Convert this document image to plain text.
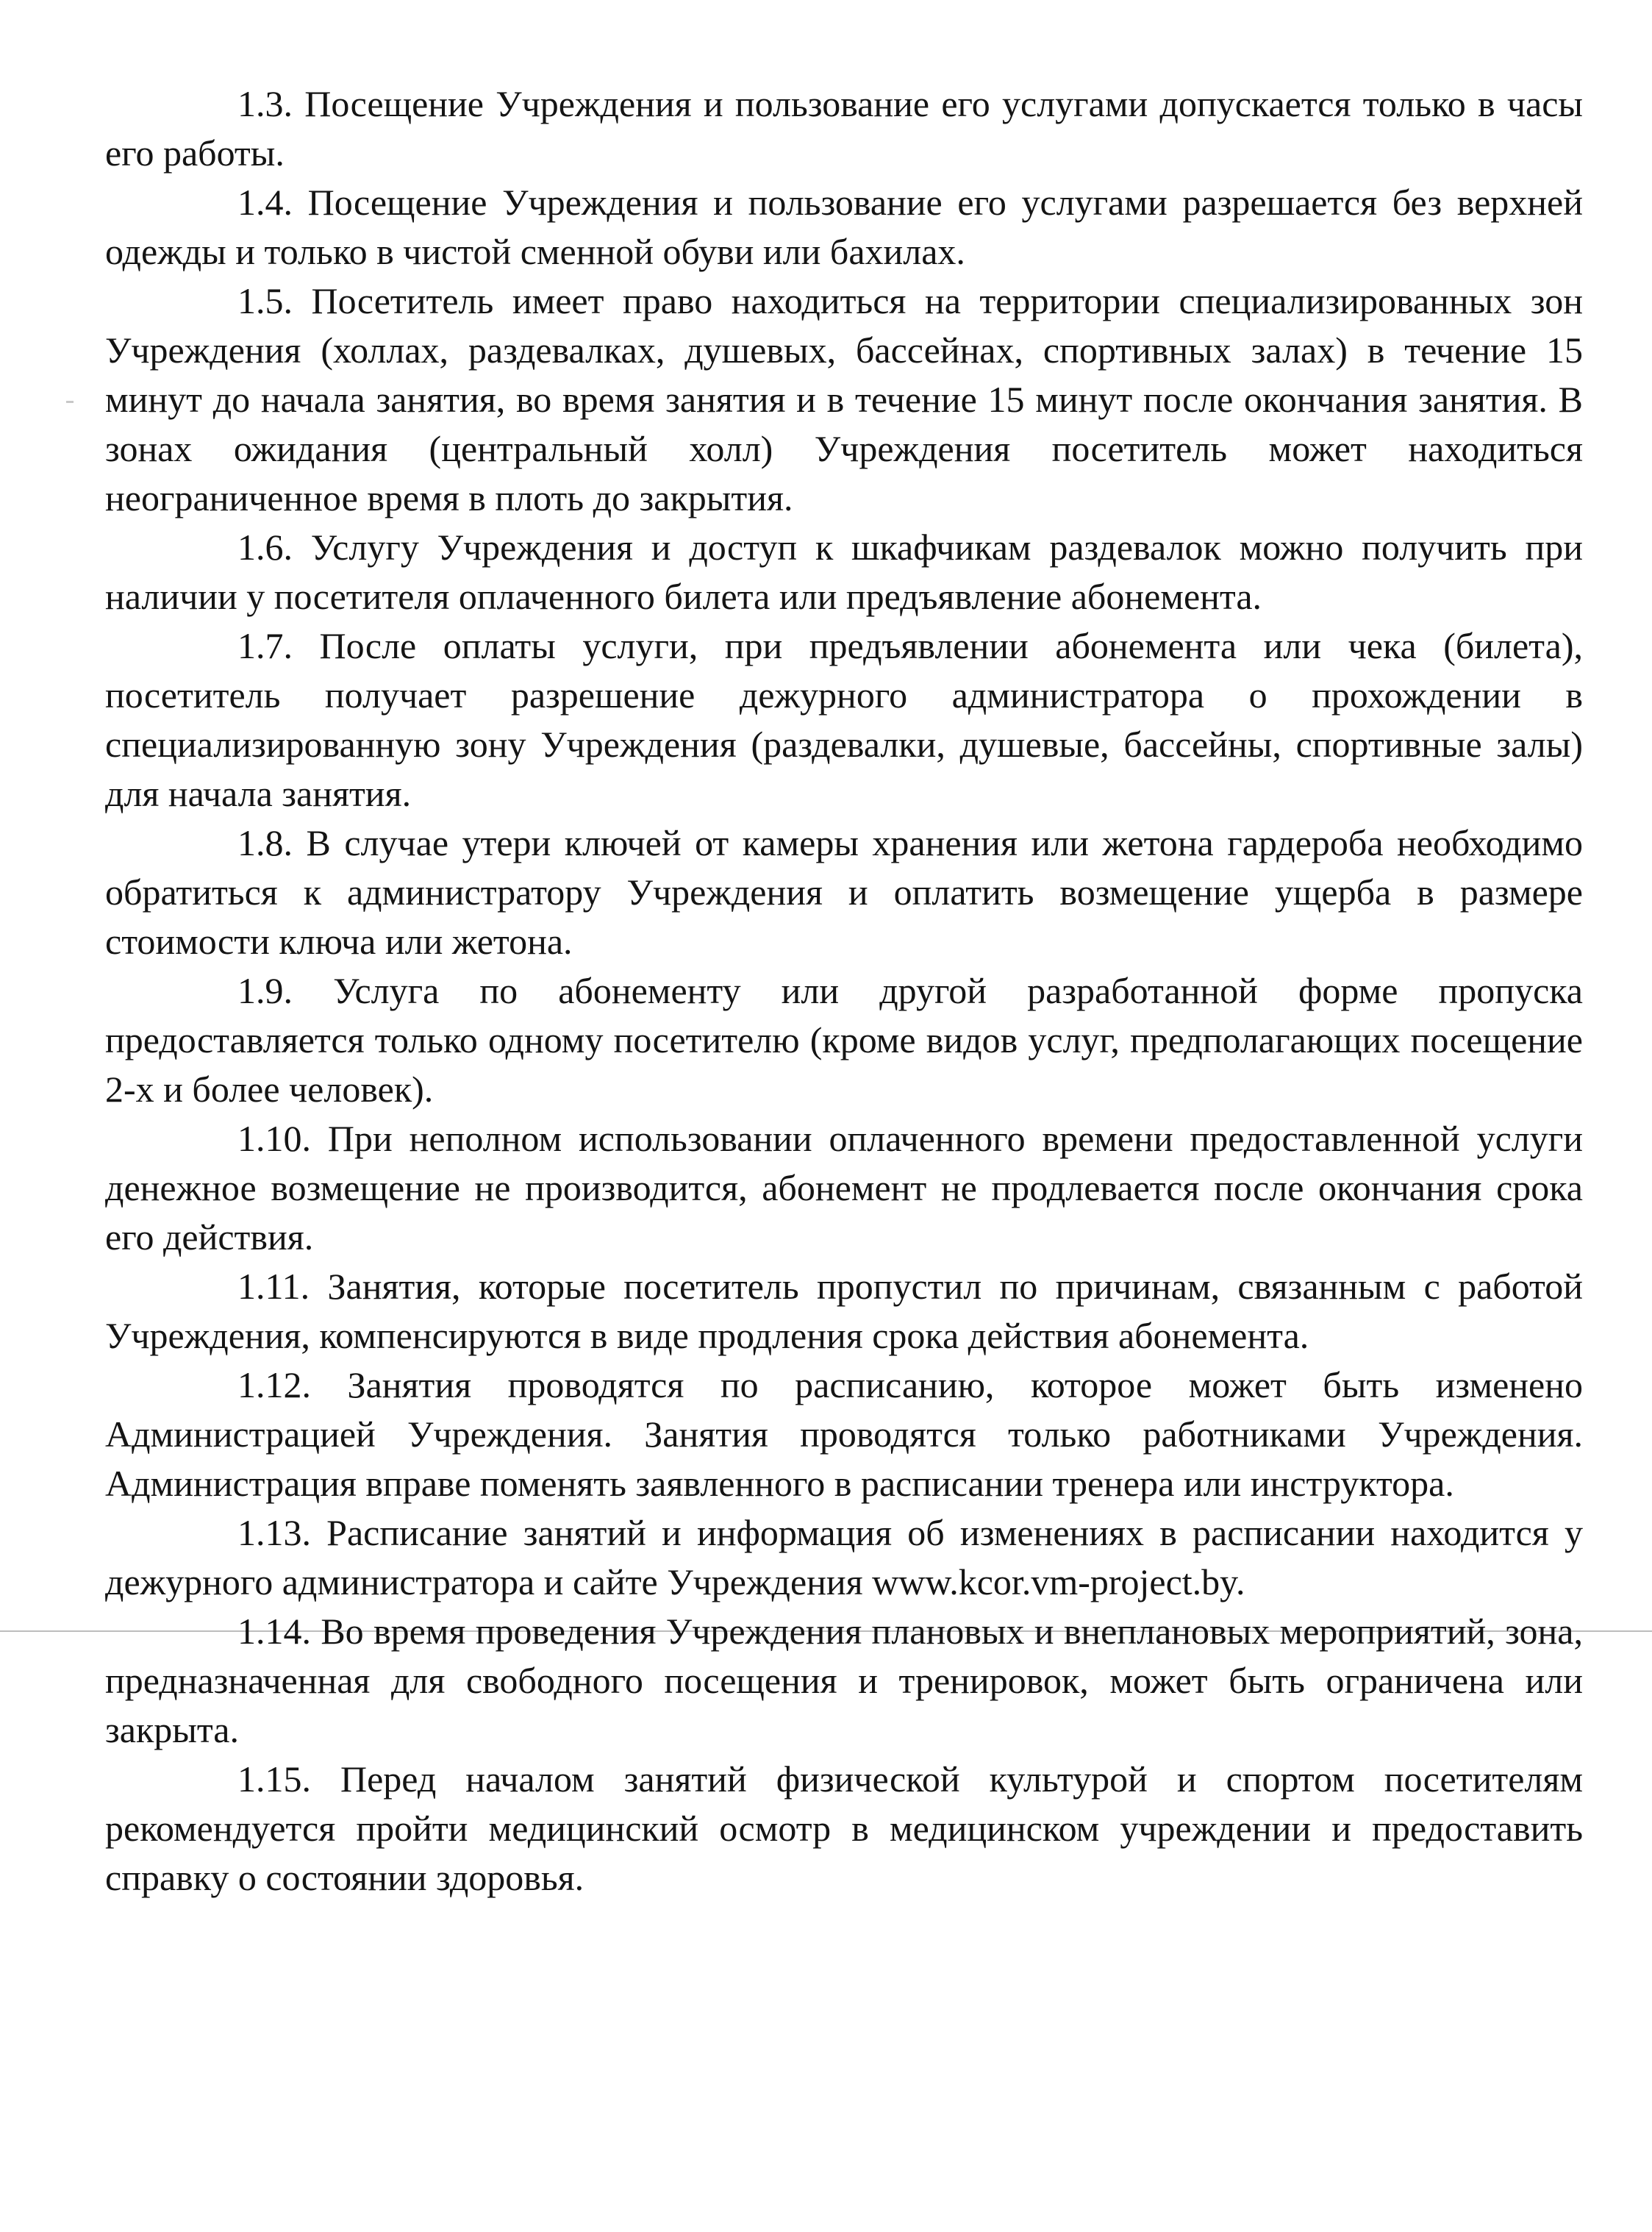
1.3. Посещение Учреждения и пользование его услугами допускается только в часы его работы.

1.4. Посещение Учреждения и пользование его услугами разрешается без верхней одежды и только в чистой сменной обуви или бахилах.

1.5. Посетитель имеет право находиться на территории специализированных зон Учреждения (холлах, раздевалках, душевых, бассейнах, спортивных залах) в течение 15 минут до начала занятия, во время занятия и в течение 15 минут после окончания занятия. В зонах ожидания (центральный холл) Учреждения посетитель может находиться неограниченное время в плоть до закрытия.

1.6. Услугу Учреждения и доступ к шкафчикам раздевалок можно получить при наличии у посетителя оплаченного билета или предъявление абонемента.

1.7. После оплаты услуги, при предъявлении абонемента или чека (билета), посетитель получает разрешение дежурного администратора о прохождении в специализированную зону Учреждения (раздевалки, душевые, бассейны, спортивные залы) для начала занятия.

1.8. В случае утери ключей от камеры хранения или жетона гардероба необходимо обратиться к администратору Учреждения и оплатить возмещение ущерба в размере стоимости ключа или жетона.

1.9. Услуга по абонементу или другой разработанной форме пропуска предоставляется только одному посетителю (кроме видов услуг, предполагающих посещение 2-х и более человек).

1.10. При неполном использовании оплаченного времени предоставленной услуги денежное возмещение не производится, абонемент не продлевается после окончания срока его действия.

1.11. Занятия, которые посетитель пропустил по причинам, связанным с работой Учреждения, компенсируются в виде продления срока действия абонемента.

1.12. Занятия проводятся по расписанию, которое может быть изменено Администрацией Учреждения. Занятия проводятся только работниками Учреждения. Администрация вправе поменять заявленного в расписании тренера или инструктора.

1.13. Расписание занятий и информация об изменениях в расписании находится у дежурного администратора и сайте Учреждения www.kcor.vm-project.by.

1.14. Во время проведения Учреждения плановых и внеплановых мероприятий, зона, предназначенная для свободного посещения и тренировок, может быть ограничена или закрыта.

1.15. Перед началом занятий физической культурой и спортом посетителям рекомендуется пройти медицинский осмотр в медицинском учреждении и предоставить справку о состоянии здоровья.
